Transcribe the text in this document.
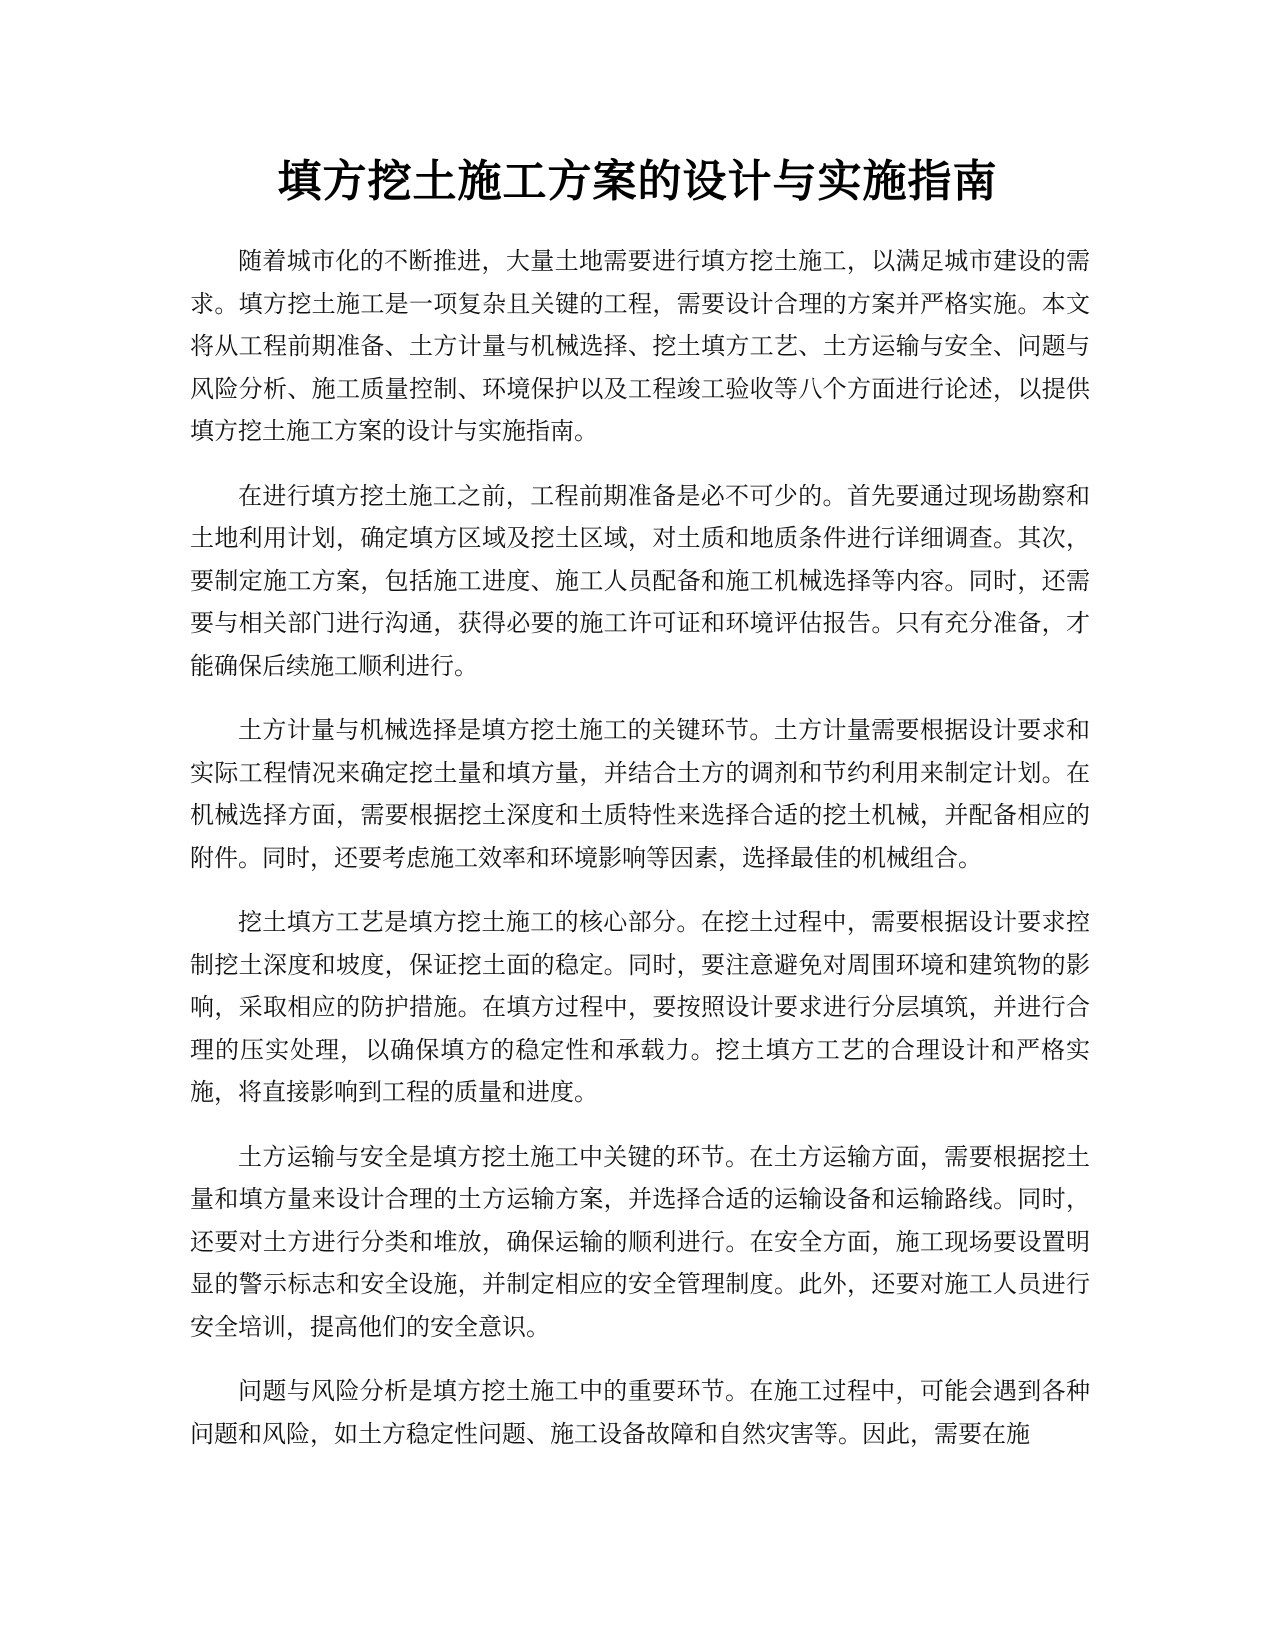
填方挖土施工方案的设计与实施指南

随着城市化的不断推进，大量土地需要进行填方挖土施工，以满足城市建设的需求。填方挖土施工是一项复杂且关键的工程，需要设计合理的方案并严格实施。本文将从工程前期准备、土方计量与机械选择、挖土填方工艺、土方运输与安全、问题与风险分析、施工质量控制、环境保护以及工程竣工验收等八个方面进行论述，以提供填方挖土施工方案的设计与实施指南。

在进行填方挖土施工之前，工程前期准备是必不可少的。首先要通过现场勘察和土地利用计划，确定填方区域及挖土区域，对土质和地质条件进行详细调查。其次，要制定施工方案，包括施工进度、施工人员配备和施工机械选择等内容。同时，还需要与相关部门进行沟通，获得必要的施工许可证和环境评估报告。只有充分准备，才能确保后续施工顺利进行。

土方计量与机械选择是填方挖土施工的关键环节。土方计量需要根据设计要求和实际工程情况来确定挖土量和填方量，并结合土方的调剂和节约利用来制定计划。在机械选择方面，需要根据挖土深度和土质特性来选择合适的挖土机械，并配备相应的附件。同时，还要考虑施工效率和环境影响等因素，选择最佳的机械组合。

挖土填方工艺是填方挖土施工的核心部分。在挖土过程中，需要根据设计要求控制挖土深度和坡度，保证挖土面的稳定。同时，要注意避免对周围环境和建筑物的影响，采取相应的防护措施。在填方过程中，要按照设计要求进行分层填筑，并进行合理的压实处理，以确保填方的稳定性和承载力。挖土填方工艺的合理设计和严格实施，将直接影响到工程的质量和进度。

土方运输与安全是填方挖土施工中关键的环节。在土方运输方面，需要根据挖土量和填方量来设计合理的土方运输方案，并选择合适的运输设备和运输路线。同时，还要对土方进行分类和堆放，确保运输的顺利进行。在安全方面，施工现场要设置明显的警示标志和安全设施，并制定相应的安全管理制度。此外，还要对施工人员进行安全培训，提高他们的安全意识。

问题与风险分析是填方挖土施工中的重要环节。在施工过程中，可能会遇到各种问题和风险，如土方稳定性问题、施工设备故障和自然灾害等。因此，需要在施
